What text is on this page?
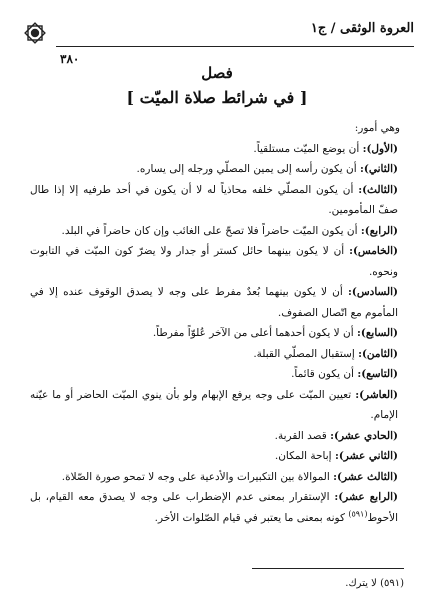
العروة الوثقى / ج١
٣٨٠
فصل
[ في شرائط صلاة الميّت ]

وهي أمور:

(الأول): أن يوضع الميّت مستلقياً.

(الثاني): أن يكون رأسه إلى يمين المصلّي ورجله إلى يساره.

(الثالث): أن يكون المصلّي خلفه محاذياً له لا أن يكون في أحد طرفيه إلا إذا طال صفّ المأمومين.

(الرابع): أن يكون الميّت حاضراً فلا تصحّ على الغائب وإن كان حاضراً في البلد.

(الخامس): أن لا يكون بينهما حائل كستر أو جدار ولا يضرّ كون الميّت في التابوت ونحوه.

(السادس): أن لا يكون بينهما بُعدٌ مفرط على وجه لا يصدق الوقوف عنده إلا في المأموم مع اتّصال الصفوف.

(السابع): أن لا يكون أحدهما أعلى من الآخر عُلوّاً مفرطاً.

(الثامن): إستقبال المصلّي القبلة.

(التاسع): أن يكون قائماً.

(العاشر): تعيين الميّت على وجه يرفع الإبهام ولو بأن ينوي الميّت الحاضر أو ما عيّنه الإمام.

(الحادي عشر): قصد القربة.

(الثاني عشر): إباحة المكان.

(الثالث عشر): الموالاة بين التكبيرات والأدعية على وجه لا تمحو صورة الصّلاة.

(الرابع عشر): الإستقرار بمعنى عدم الإضطراب على وجه لا يصدق معه القيام، بل الأحوط$^{(٥٩١)}$ كونه بمعنى ما يعتبر في قيام الصّلوات الأخر.

(٥٩١) لا يترك.
